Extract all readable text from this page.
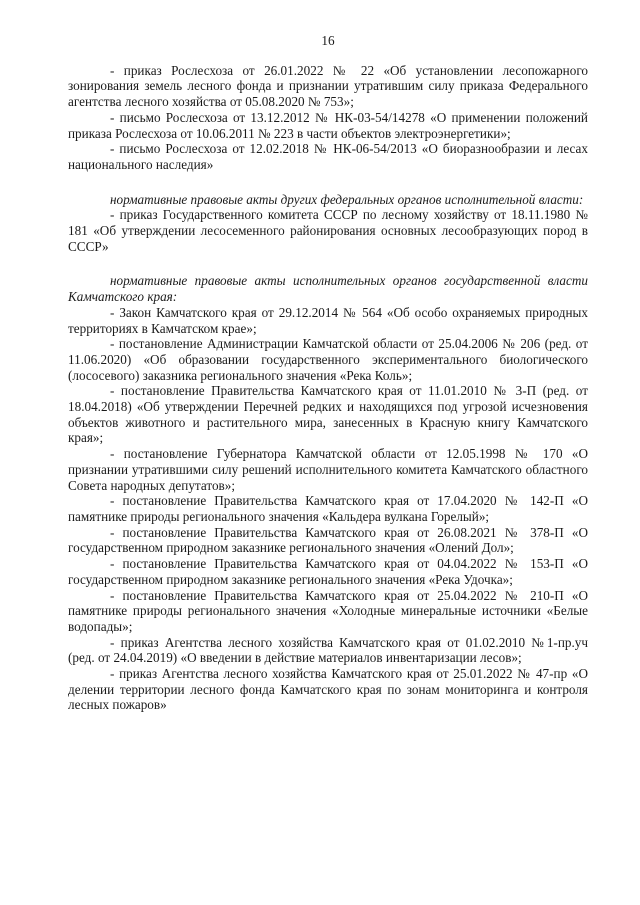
16

- приказ Рослесхоза от 26.01.2022 № 22 «Об установлении лесопожарного зонирования земель лесного фонда и признании утратившим силу приказа Федерального агентства лесного хозяйства от 05.08.2020 № 753»;

- письмо Рослесхоза от 13.12.2012 № НК-03-54/14278 «О применении положений приказа Рослесхоза от 10.06.2011 № 223 в части объектов электроэнергетики»;

- письмо Рослесхоза от 12.02.2018 № НК-06-54/2013 «О биоразнообразии и лесах национального наследия»

нормативные правовые акты других федеральных органов исполнительной власти:

- приказ Государственного комитета СССР по лесному хозяйству от 18.11.1980 № 181 «Об утверждении лесосеменного районирования основных лесообразующих пород в СССР»

нормативные правовые акты исполнительных органов государственной власти Камчатского края:

- Закон Камчатского края от 29.12.2014 № 564 «Об особо охраняемых природных территориях в Камчатском крае»;

- постановление Администрации Камчатской области от 25.04.2006 № 206 (ред. от 11.06.2020) «Об образовании государственного экспериментального биологического (лососевого) заказника регионального значения «Река Коль»;

- постановление Правительства Камчатского края от 11.01.2010 № 3-П (ред. от 18.04.2018) «Об утверждении Перечней редких и находящихся под угрозой исчезновения объектов животного и растительного мира, занесенных в Красную книгу Камчатского края»;

- постановление Губернатора Камчатской области от 12.05.1998 № 170 «О признании утратившими силу решений исполнительного комитета Камчатского областного Совета народных депутатов»;

- постановление Правительства Камчатского края от 17.04.2020 № 142-П «О памятнике природы регионального значения «Кальдера вулкана Горелый»;

- постановление Правительства Камчатского края от 26.08.2021 № 378-П «О государственном природном заказнике регионального значения «Олений Дол»;

- постановление Правительства Камчатского края от 04.04.2022 № 153-П «О государственном природном заказнике регионального значения «Река Удочка»;

- постановление Правительства Камчатского края от 25.04.2022 № 210-П «О памятнике природы регионального значения «Холодные минеральные источники «Белые водопады»;

- приказ Агентства лесного хозяйства Камчатского края от 01.02.2010 №1-пр.уч (ред. от 24.04.2019) «О введении в действие материалов инвентаризации лесов»;

- приказ Агентства лесного хозяйства Камчатского края от 25.01.2022 № 47-пр «О делении территории лесного фонда Камчатского края по зонам мониторинга и контроля лесных пожаров»
